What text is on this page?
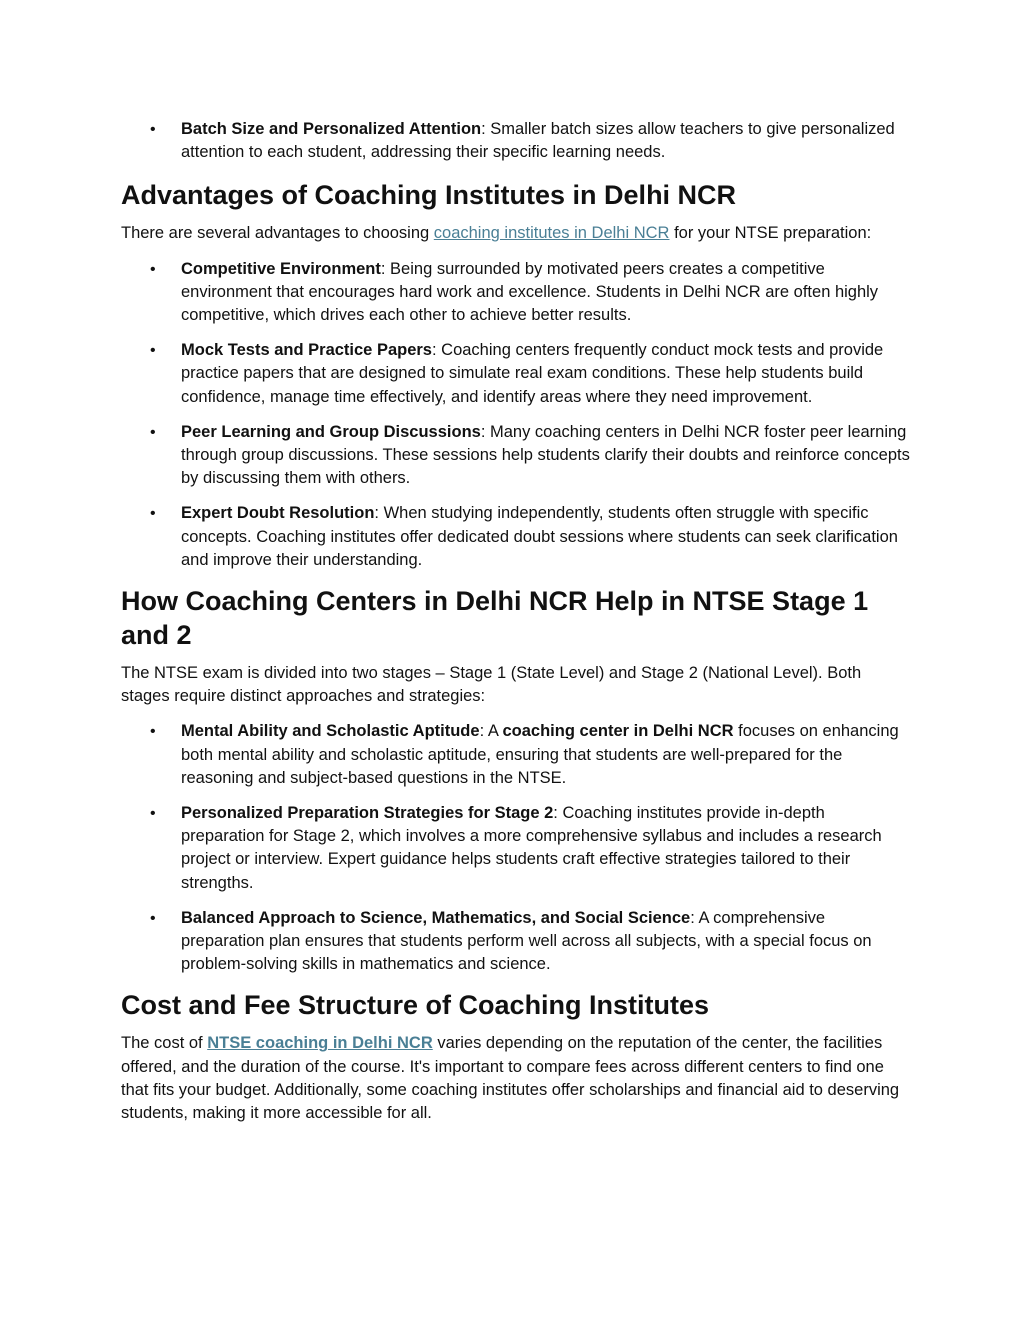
• Batch Size and Personalized Attention: Smaller batch sizes allow teachers to give personalized attention to each student, addressing their specific learning needs.
Advantages of Coaching Institutes in Delhi NCR

There are several advantages to choosing coaching institutes in Delhi NCR for your NTSE preparation:

• Competitive Environment: Being surrounded by motivated peers creates a competitive environment that encourages hard work and excellence. Students in Delhi NCR are often highly competitive, which drives each other to achieve better results.
• Mock Tests and Practice Papers: Coaching centers frequently conduct mock tests and provide practice papers that are designed to simulate real exam conditions. These help students build confidence, manage time effectively, and identify areas where they need improvement.
• Peer Learning and Group Discussions: Many coaching centers in Delhi NCR foster peer learning through group discussions. These sessions help students clarify their doubts and reinforce concepts by discussing them with others.
• Expert Doubt Resolution: When studying independently, students often struggle with specific concepts. Coaching institutes offer dedicated doubt sessions where students can seek clarification and improve their understanding.
How Coaching Centers in Delhi NCR Help in NTSE Stage 1 and 2

The NTSE exam is divided into two stages – Stage 1 (State Level) and Stage 2 (National Level). Both stages require distinct approaches and strategies:

• Mental Ability and Scholastic Aptitude: A coaching center in Delhi NCR focuses on enhancing both mental ability and scholastic aptitude, ensuring that students are well-prepared for the reasoning and subject-based questions in the NTSE.
• Personalized Preparation Strategies for Stage 2: Coaching institutes provide in-depth preparation for Stage 2, which involves a more comprehensive syllabus and includes a research project or interview. Expert guidance helps students craft effective strategies tailored to their strengths.
• Balanced Approach to Science, Mathematics, and Social Science: A comprehensive preparation plan ensures that students perform well across all subjects, with a special focus on problem-solving skills in mathematics and science.
Cost and Fee Structure of Coaching Institutes

The cost of NTSE coaching in Delhi NCR varies depending on the reputation of the center, the facilities offered, and the duration of the course. It's important to compare fees across different centers to find one that fits your budget. Additionally, some coaching institutes offer scholarships and financial aid to deserving students, making it more accessible for all.
